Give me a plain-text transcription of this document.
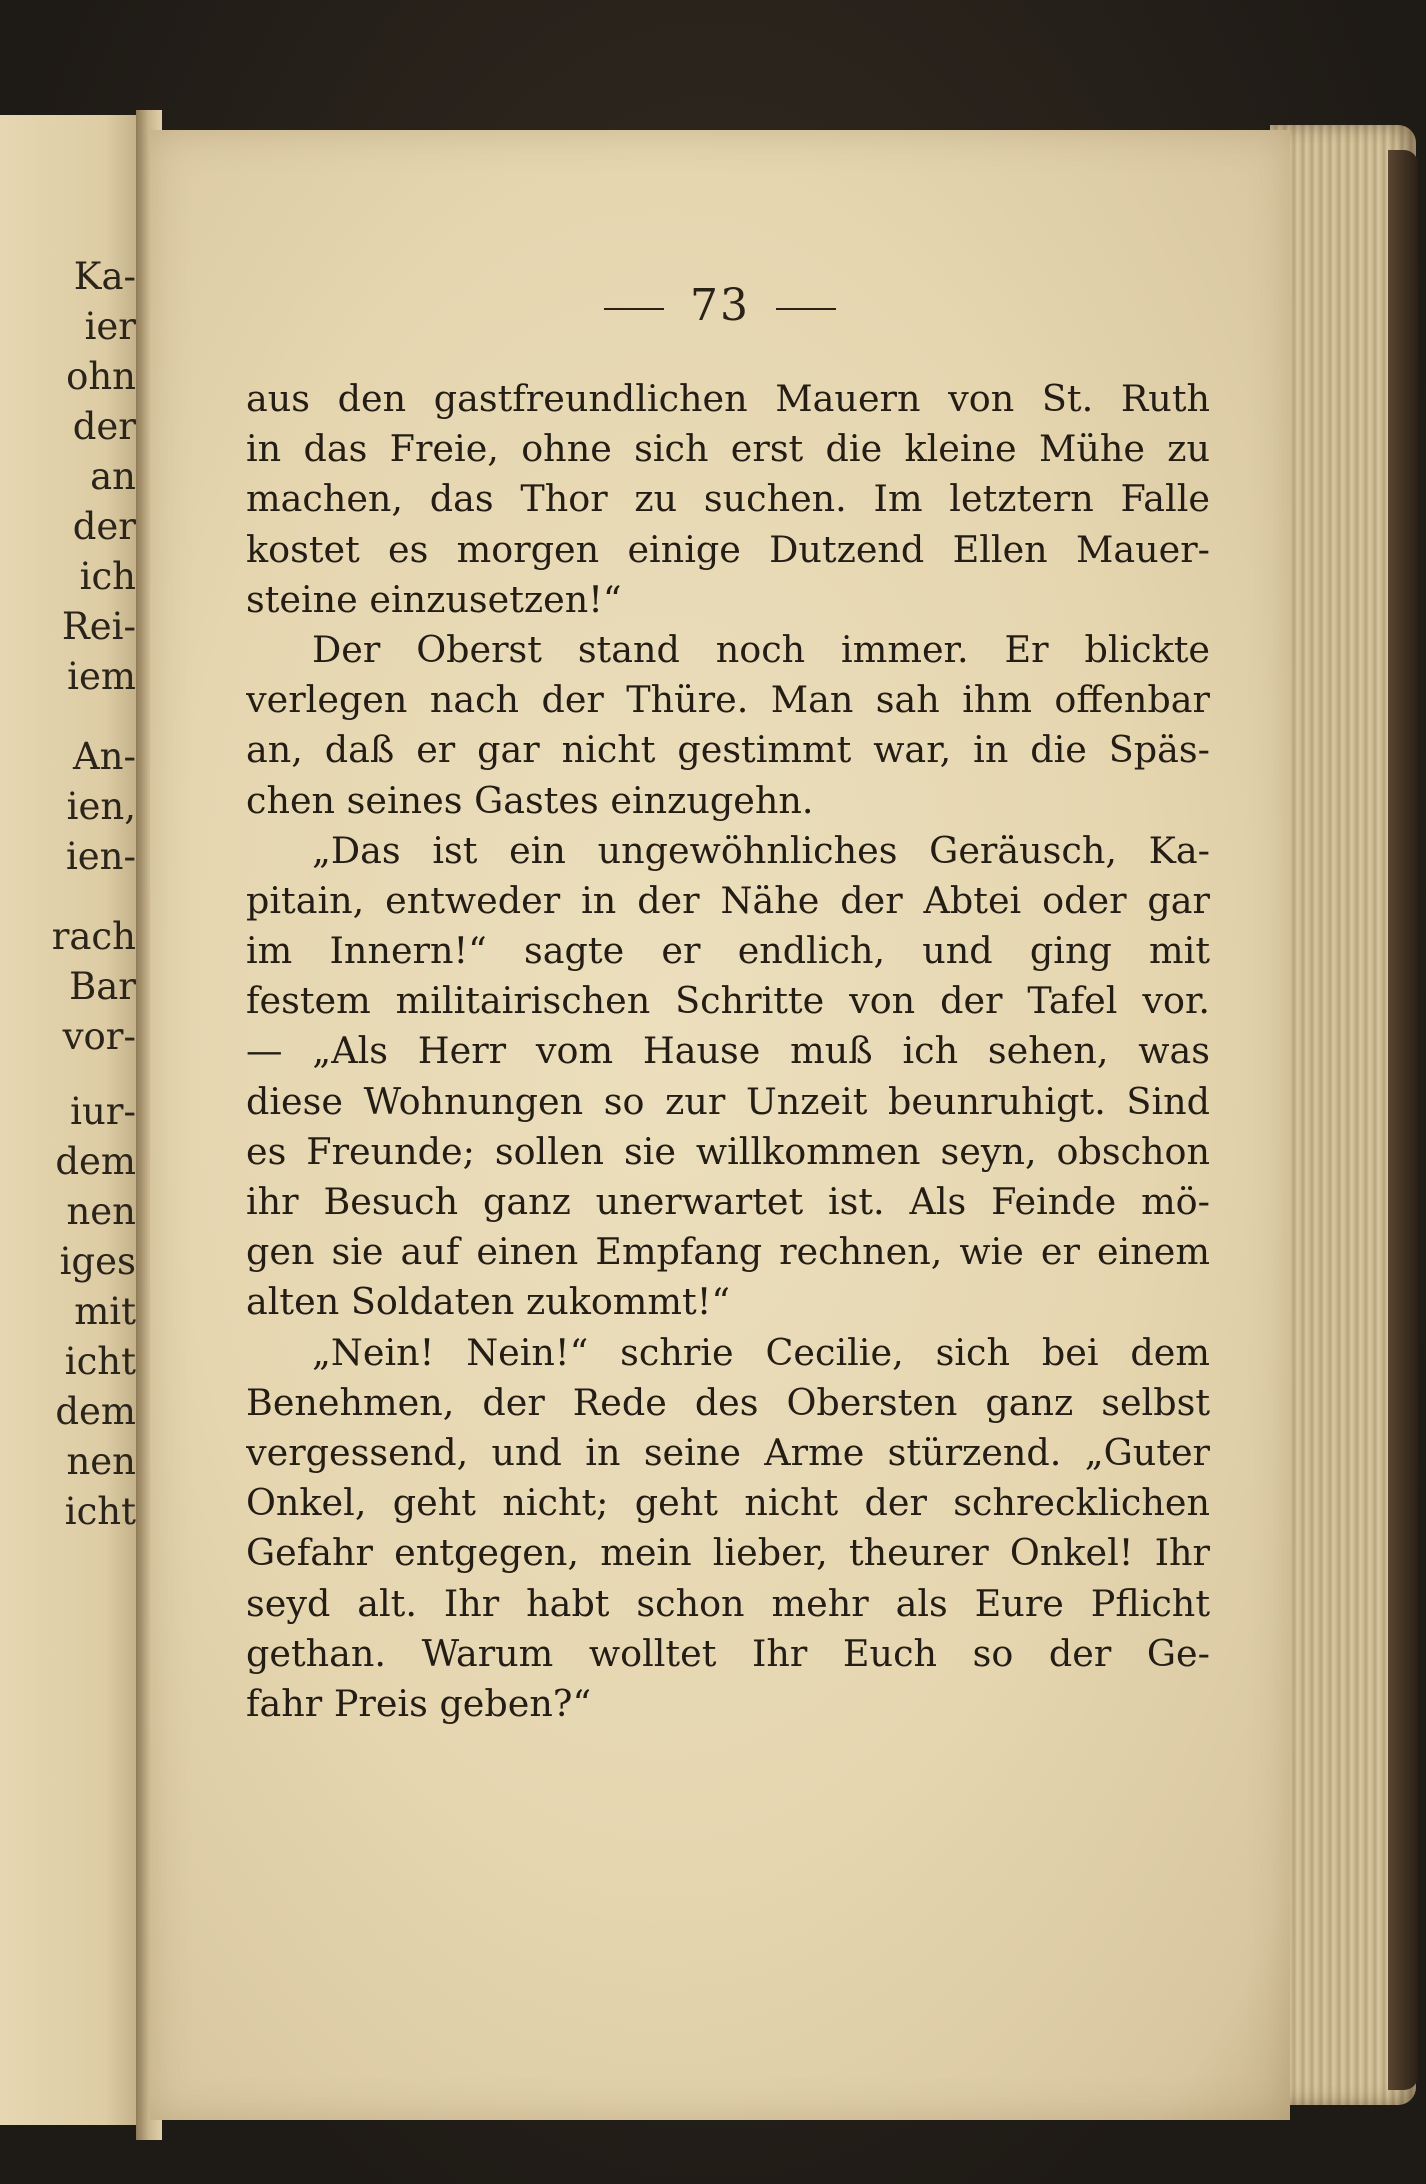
Ka-
ier
ohn
der
an
der
ich
Rei-
iem
An-
ien,
ien-
rach
Bar
vor-
iur-
dem
nen
iges
mit
icht
dem
nen
icht
73
aus den gastfreundlichen Mauern von St. Ruth
in das Freie, ohne sich erst die kleine Mühe zu
machen, das Thor zu suchen. Im letztern Falle
kostet es morgen einige Dutzend Ellen Mauer-
steine einzusetzen!“
Der Oberst stand noch immer. Er blickte
verlegen nach der Thüre. Man sah ihm offenbar
an, daß er gar nicht gestimmt war, in die Späs-
chen seines Gastes einzugehn.
„Das ist ein ungewöhnliches Geräusch, Ka-
pitain, entweder in der Nähe der Abtei oder gar
im Innern!“ sagte er endlich, und ging mit
festem militairischen Schritte von der Tafel vor.
— „Als Herr vom Hause muß ich sehen, was
diese Wohnungen so zur Unzeit beunruhigt. Sind
es Freunde; sollen sie willkommen seyn, obschon
ihr Besuch ganz unerwartet ist. Als Feinde mö-
gen sie auf einen Empfang rechnen, wie er einem
alten Soldaten zukommt!“
„Nein! Nein!“ schrie Cecilie, sich bei dem
Benehmen, der Rede des Obersten ganz selbst
vergessend, und in seine Arme stürzend. „Guter
Onkel, geht nicht; geht nicht der schrecklichen
Gefahr entgegen, mein lieber, theurer Onkel! Ihr
seyd alt. Ihr habt schon mehr als Eure Pflicht
gethan. Warum wolltet Ihr Euch so der Ge-
fahr Preis geben?“
